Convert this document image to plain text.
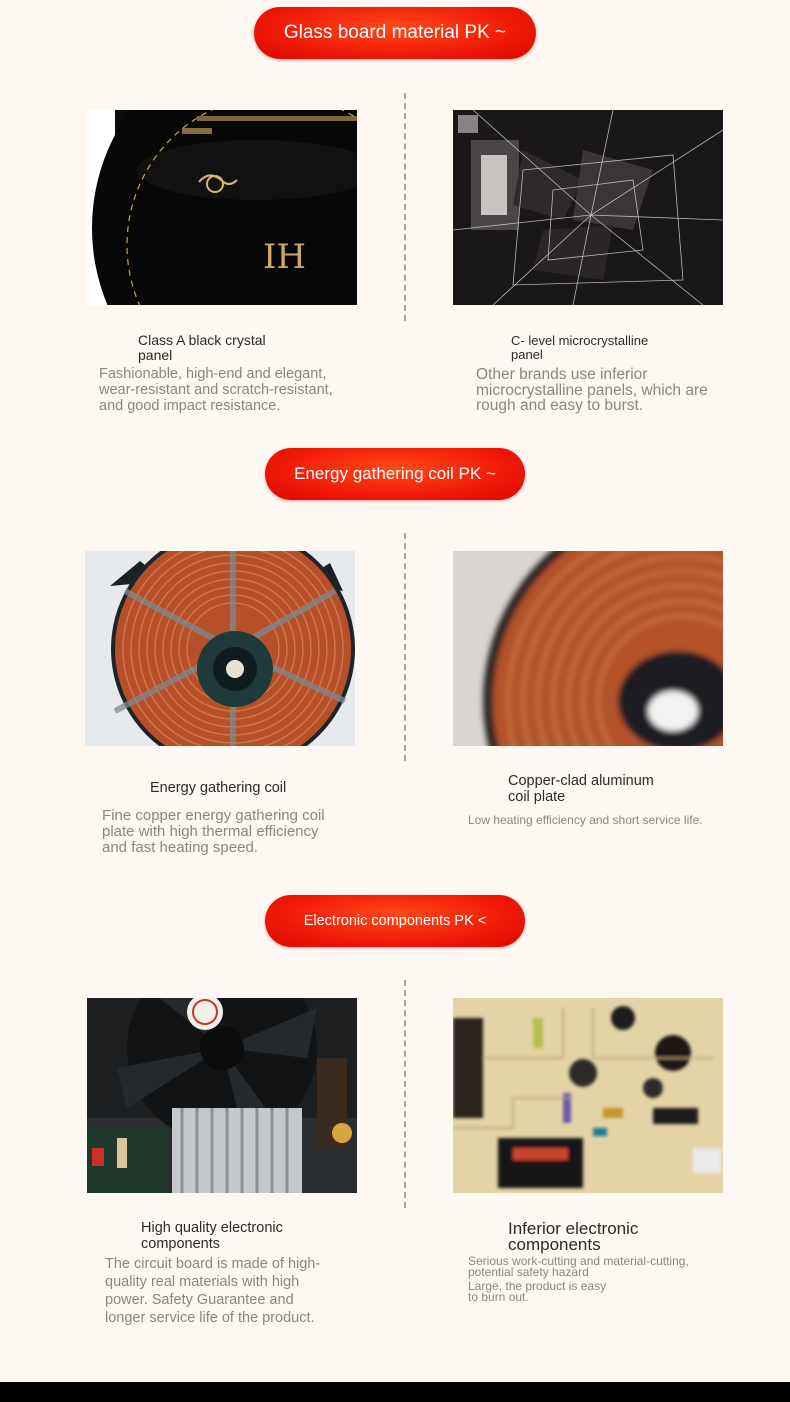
Glass board material PK ~
IH
Class A black crystal panel
Fashionable, high-end and elegant, wear-resistant and scratch-resistant, and good impact resistance.
C- level microcrystalline panel
Other brands use inferior microcrystalline panels, which are rough and easy to burst.
Energy gathering coil PK ~
Energy gathering coil
Fine copper energy gathering coil plate with high thermal efficiency and fast heating speed.
Copper-clad aluminum coil plate
Low heating efficiency and short service life.
Electronic components PK <
High quality electronic components
The circuit board is made of high-quality real materials with high power. Safety Guarantee and longer service life of the product.
Inferior electronic components
Serious work-cutting and material-cutting, potential safety hazard
Large, the product is easy to burn out.
